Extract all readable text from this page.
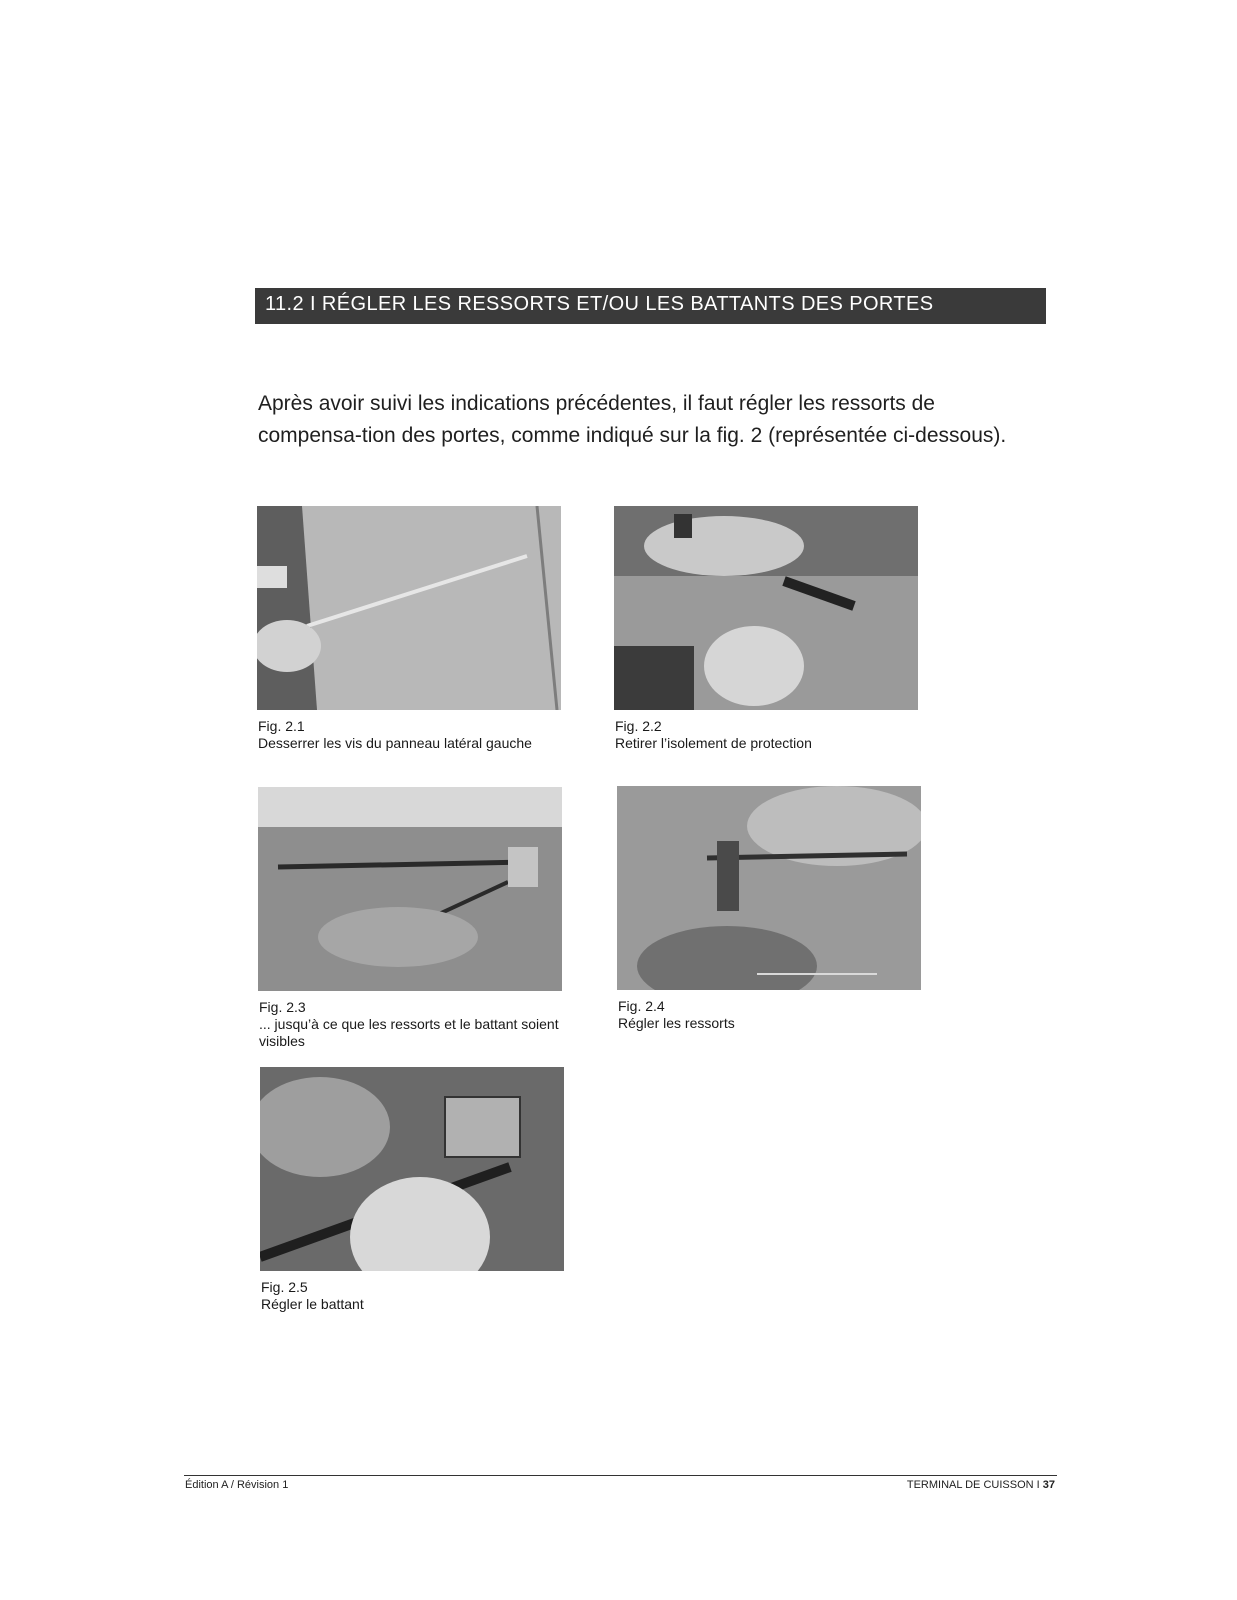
11.2 I RÉGLER LES RESSORTS ET/OU LES BATTANTS DES PORTES

Après avoir suivi les indications précédentes, il faut régler les ressorts de compensa-tion des portes, comme indiqué sur la fig. 2 (représentée ci-dessous).

Fig. 2.1
Desserrer les vis du panneau latéral gauche
Fig. 2.2
Retirer l’isolement de protection
Fig. 2.3
... jusqu’à ce que les ressorts et le battant soient visibles
Fig. 2.4
Régler les ressorts
Fig. 2.5
Régler le battant
Édition A / Révision 1	TERMINAL DE CUISSON I 37
